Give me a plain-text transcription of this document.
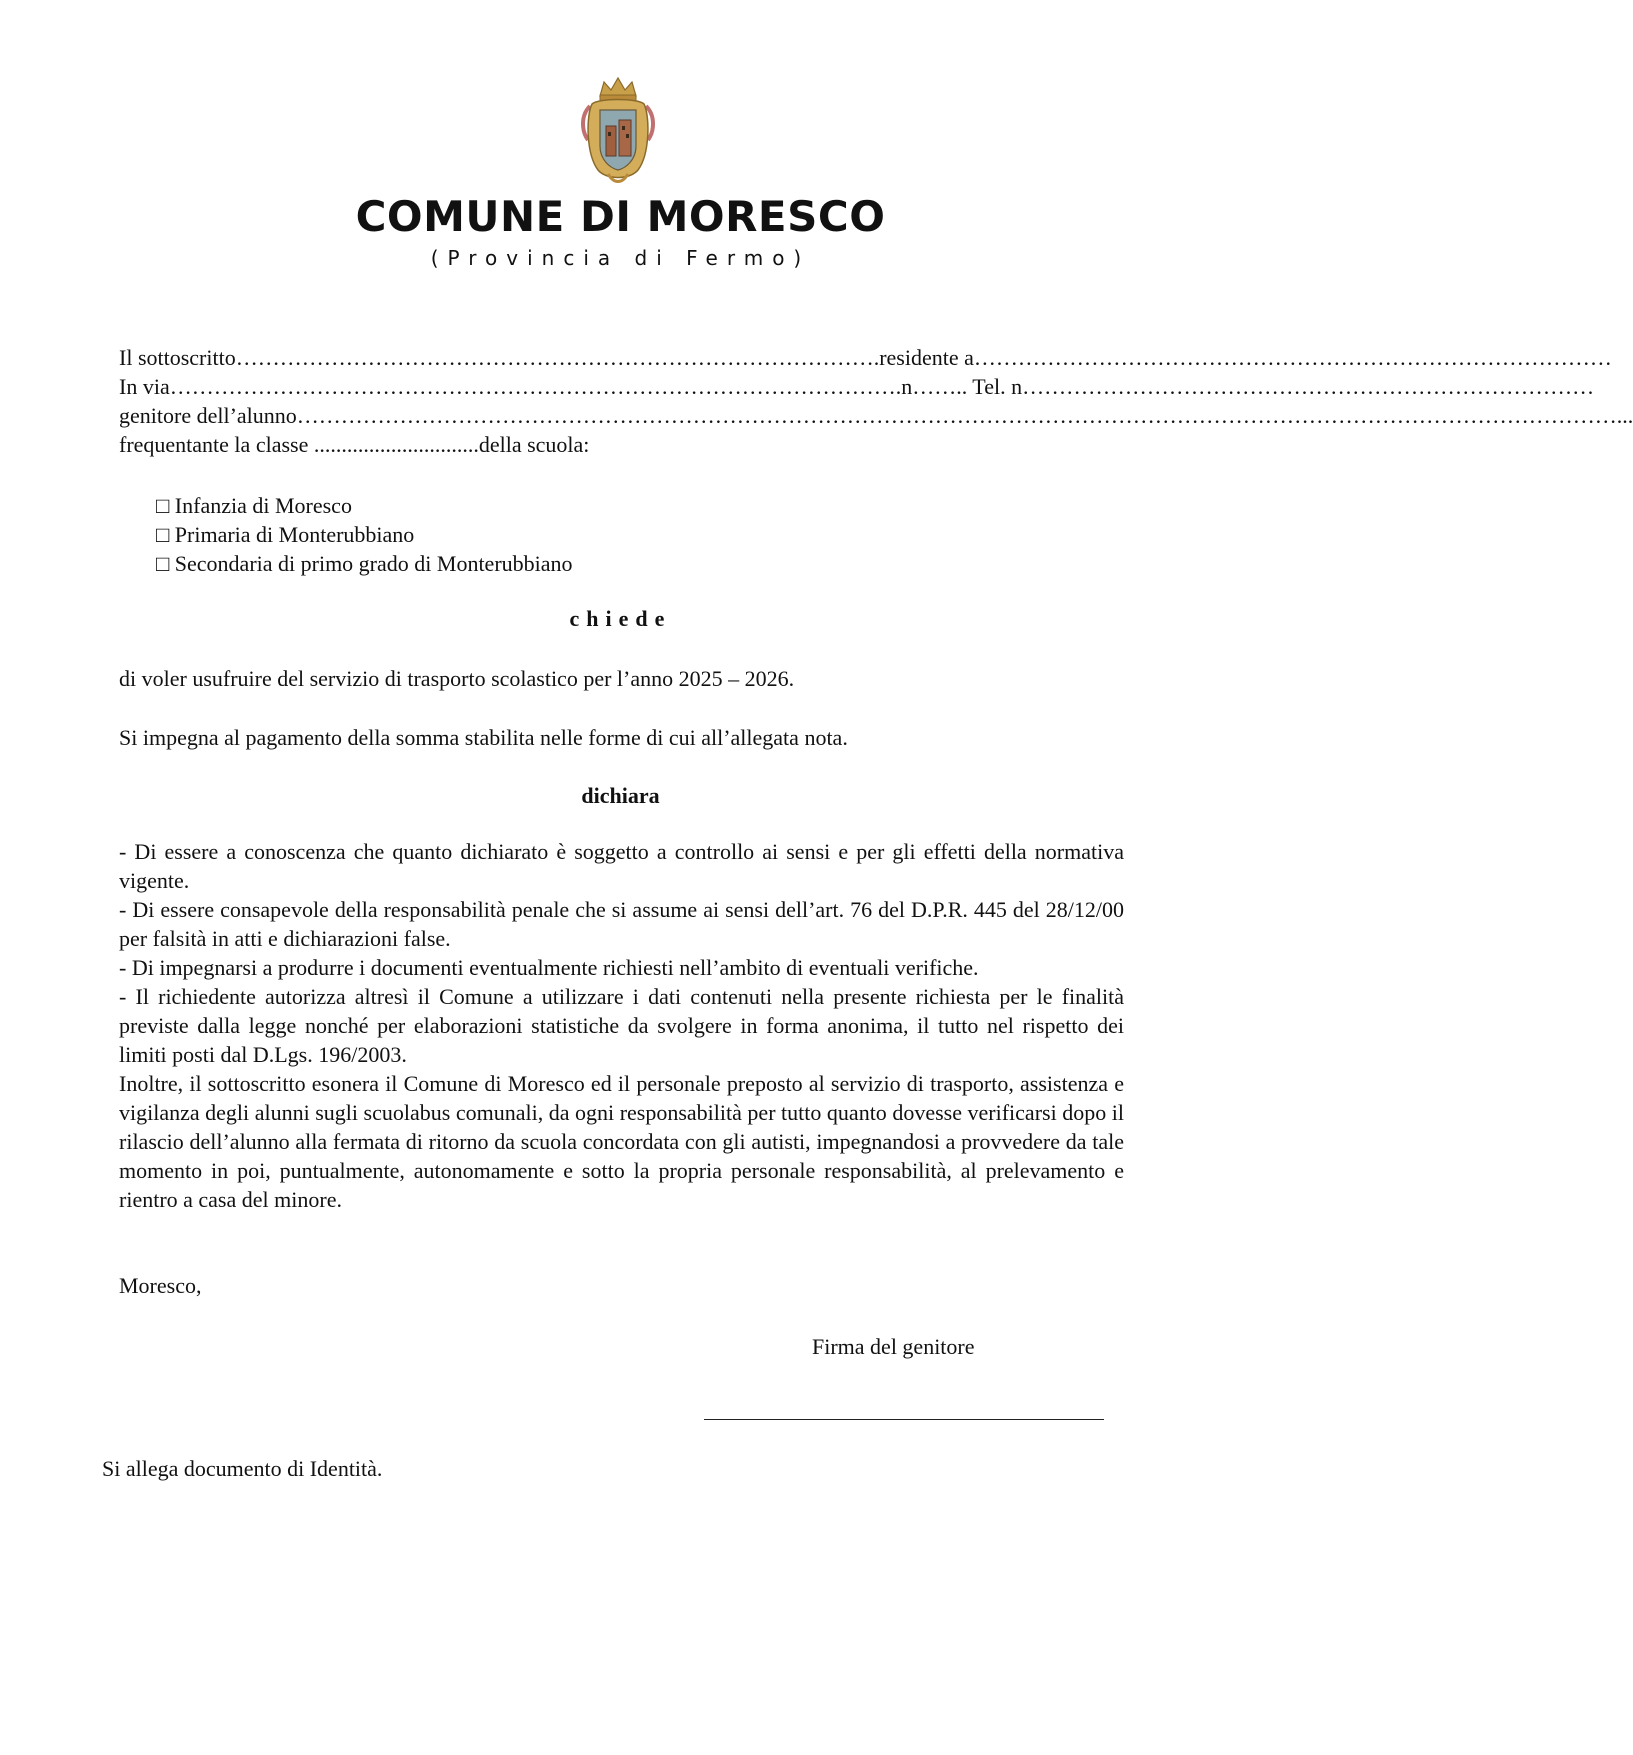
COMUNE DI MORESCO
(Provincia di Fermo)
Il sottoscritto…………………………………………………………………………….residente a……………………………………………………………………………
In via……………………………………………………………………………………….n…….. Tel. n……………………………………………………………………
genitore dell’alunno………………………………………………………………………………………………………………………………………………………………...
frequentante la classe ..............................della scuola:
□ Infanzia di Moresco
□ Primaria di Monterubbiano
□ Secondaria di primo grado di Monterubbiano
chiede
di voler usufruire del servizio di trasporto scolastico per l’anno 2025 – 2026.
Si impegna al pagamento della somma stabilita nelle forme di cui all’allegata nota.
dichiara

- Di essere a conoscenza che quanto dichiarato è soggetto a controllo ai sensi e per gli effetti della normativa vigente.

- Di essere consapevole della responsabilità penale che si assume ai sensi dell’art. 76 del D.P.R. 445 del 28/12/00 per falsità in atti e dichiarazioni false.

- Di impegnarsi a produrre i documenti eventualmente richiesti nell’ambito di eventuali verifiche.

- Il richiedente autorizza altresì il Comune a utilizzare i dati contenuti nella presente richiesta per le finalità previste dalla legge nonché per elaborazioni statistiche da svolgere in forma anonima, il tutto nel rispetto dei limiti posti dal D.Lgs. 196/2003.

Inoltre, il sottoscritto esonera il Comune di Moresco ed il personale preposto al servizio di trasporto, assistenza e vigilanza degli alunni sugli scuolabus comunali, da ogni responsabilità per tutto quanto dovesse verificarsi dopo il rilascio dell’alunno alla fermata di ritorno da scuola concordata con gli autisti, impegnandosi a provvedere da tale momento in poi, puntualmente, autonomamente e sotto la propria personale responsabilità, al prelevamento e rientro a casa del minore.

Moresco,
Firma del genitore
Si allega documento di Identità.
